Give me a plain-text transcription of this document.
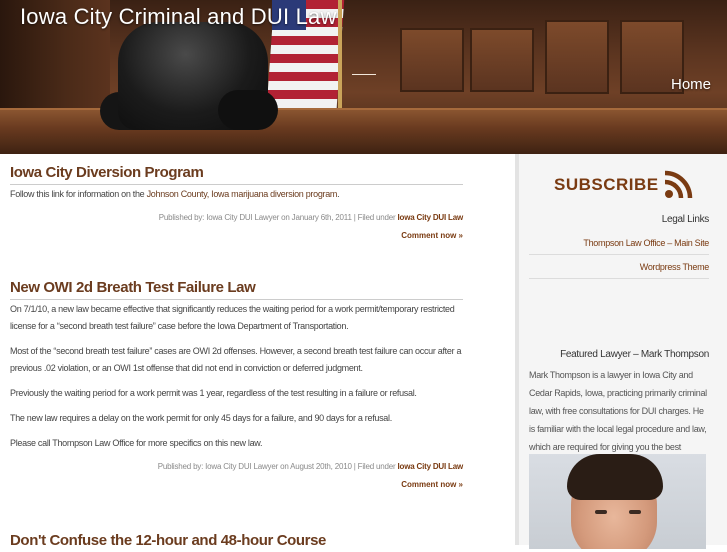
Iowa City Criminal and DUI Law
Home
Iowa City Diversion Program

Follow this link for information on the Johnson County, Iowa marijuana diversion program.

Published by: Iowa City DUI Lawyer on January 6th, 2011 | Filed under Iowa City DUI Law
Comment now »
New OWI 2d Breath Test Failure Law

On 7/1/10, a new law became effective that significantly reduces the waiting period for a work permit/temporary restricted license for a “second breath test failure” case before the Iowa Department of Transportation.

Most of the “second breath test failure” cases are OWI 2d offenses. However, a second breath test failure can occur after a previous .02 violation, or an OWI 1st offense that did not end in conviction or deferred judgment.

Previously the waiting period for a work permit was 1 year, regardless of the test resulting in a failure or refusal.

The new law requires a delay on the work permit for only 45 days for a failure, and 90 days for a refusal.

Please call Thompson Law Office for more specifics on this new law.

Published by: Iowa City DUI Lawyer on August 20th, 2010 | Filed under Iowa City DUI Law
Comment now »
Don't Confuse the 12-hour and 48-hour Course
SUBSCRIBE
Legal Links
Thompson Law Office – Main Site
Wordpress Theme
Featured Lawyer – Mark Thompson
Mark Thompson is a lawyer in Iowa City and Cedar Rapids, Iowa, practicing primarily criminal law, with free consultations for DUI charges. He is familiar with the local legal procedure and law, which are required for giving you the best
